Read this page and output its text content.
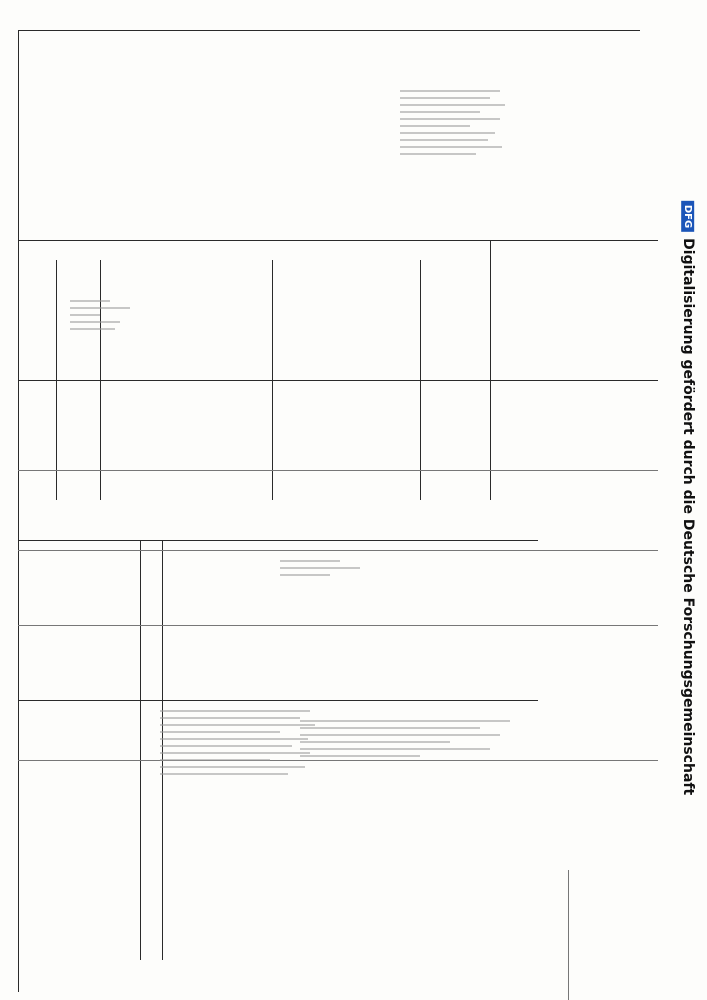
DFG
Digitalisierung gefördert durch die Deutsche Forschungsgemeinschaft
